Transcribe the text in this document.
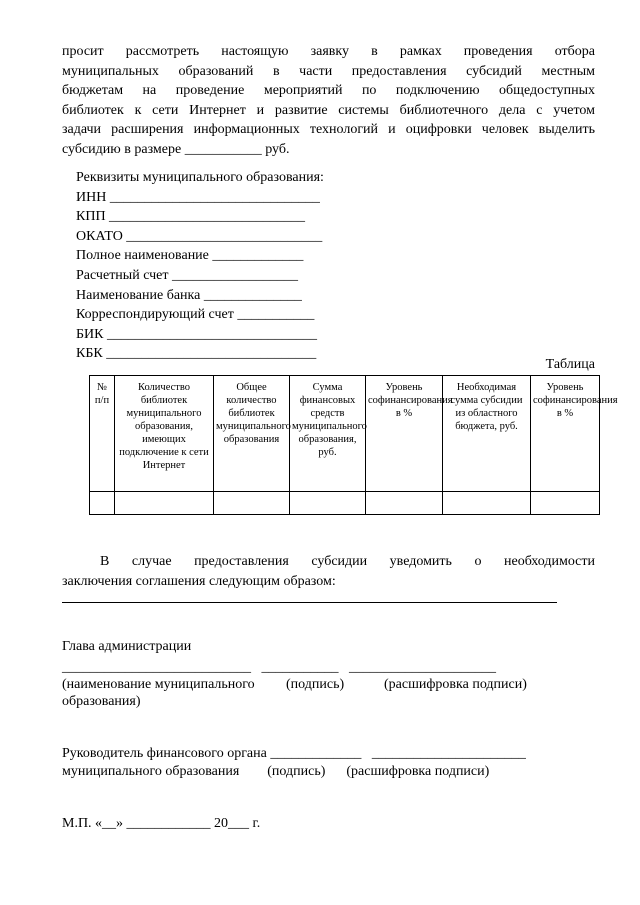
просит рассмотреть настоящую заявку в рамках проведения отбора
муниципальных образований в части предоставления субсидий местным
бюджетам на проведение мероприятий по подключению общедоступных
библиотек к сети Интернет и развитие системы библиотечного дела с учетом
задачи расширения информационных технологий и оцифровки человек выделить
субсидию в размере ___________ руб.
Реквизиты муниципального образования:
ИНН ______________________________
КПП ____________________________
ОКАТО ____________________________
Полное наименование _____________
Расчетный счет __________________
Наименование банка ______________
Корреспондирующий счет ___________
БИК ______________________________
КБК ______________________________
Таблица
№ п/п	Количество библиотек муниципального образования, имеющих подключение к сети Интернет	Общее количество библиотек муниципального образования	Сумма финансовых средств муниципального образования, руб.	Уровень софинансирования в %	Необходимая сумма субсидии из областного бюджета, руб.	Уровень софинансирования в %

В случае предоставления субсидии уведомить о необходимости
заключения соглашения следующим образом:
Глава администрации
___________________________   ___________   _____________________
(наименование муниципального (подпись)	(расшифровка подписи)
образования)
Руководитель финансового органа _____________   ______________________
муниципального образования        (подпись)      (расшифровка подписи)
М.П. «__» ____________ 20___ г.
